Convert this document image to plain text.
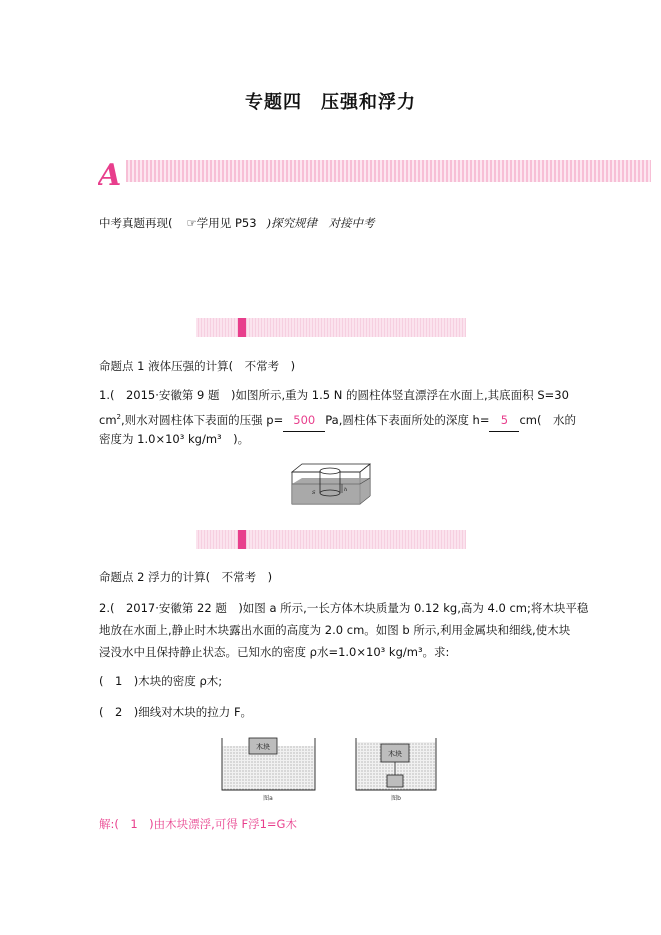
专题四　压强和浮力
A
中考真题再现( ☞学用见 P53 )探究规律　对接中考
命题点 1 液体压强的计算(　不常考　)
1.(　2015·安徽第 9 题　)如图所示,重为 1.5 N 的圆柱体竖直漂浮在水面上,其底面积 S=30
$cm^2$,则水对圆柱体下表面的压强 p= 500 Pa,圆柱体下表面所处的深度 h= 5 cm(　水的
密度为 1.0×10³ kg/m³　)。
h
S
命题点 2 浮力的计算(　不常考　)
2.(　2017·安徽第 22 题　)如图 a 所示,一长方体木块质量为 0.12 kg,高为 4.0 cm;将木块平稳
地放在水面上,静止时木块露出水面的高度为 2.0 cm。如图 b 所示,利用金属块和细线,使木块
浸没水中且保持静止状态。已知水的密度 ρ水=1.0×10³ kg/m³。求:
(　1　)木块的密度 ρ木;
(　2　)细线对木块的拉力 F。
木块
图a
木块
图b
解:(　1　)由木块漂浮,可得 F浮1=G木
